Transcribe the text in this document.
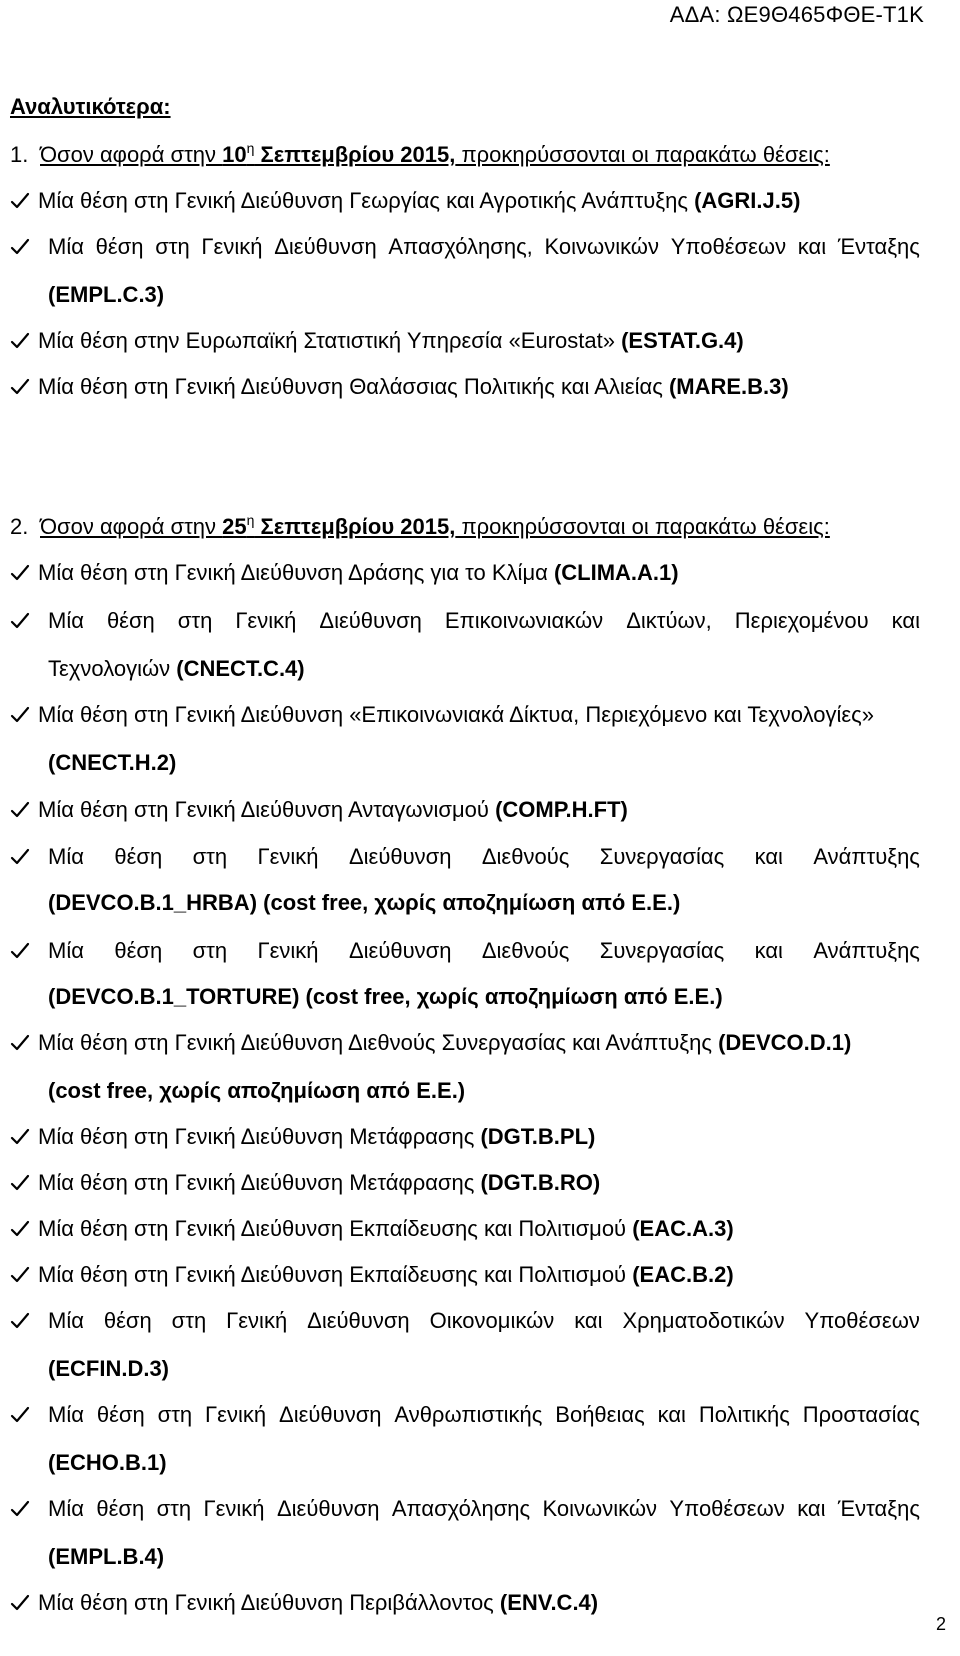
ΑΔΑ: ΩΕ9Θ465ΦΘΕ-Τ1Κ
Αναλυτικότερα:
1. Όσον αφορά στην $10^\eta$ Σεπτεμβρίου 2015, προκηρύσσονται οι παρακάτω θέσεις:
Μία θέση στη Γενική Διεύθυνση Γεωργίας και Αγροτικής Ανάπτυξης (AGRI.J.5)
Μία θέση στη Γενική Διεύθυνση Απασχόλησης, Κοινωνικών Υποθέσεων και Ένταξης
(EMPL.C.3)
Μία θέση στην Ευρωπαϊκή Στατιστική Υπηρεσία «Eurostat» (ESTAT.G.4)
Μία θέση στη Γενική Διεύθυνση Θαλάσσιας Πολιτικής και Αλιείας (MARE.B.3)
2. Όσον αφορά στην $25^\eta$ Σεπτεμβρίου 2015, προκηρύσσονται οι παρακάτω θέσεις:
Μία θέση στη Γενική Διεύθυνση Δράσης για το Κλίμα (CLIMA.A.1)
Μία θέση στη Γενική Διεύθυνση Επικοινωνιακών Δικτύων, Περιεχομένου και
Τεχνολογιών (CNECT.C.4)
Μία θέση στη Γενική Διεύθυνση «Επικοινωνιακά Δίκτυα, Περιεχόμενο και Τεχνολογίες»
(CNECT.H.2)
Μία θέση στη Γενική Διεύθυνση Ανταγωνισμού (COMP.H.FT)
Μία θέση στη Γενική Διεύθυνση Διεθνούς Συνεργασίας και Ανάπτυξης
(DEVCO.B.1_HRBA) (cost free, χωρίς αποζημίωση από Ε.Ε.)
Μία θέση στη Γενική Διεύθυνση Διεθνούς Συνεργασίας και Ανάπτυξης
(DEVCO.B.1_TORTURE) (cost free, χωρίς αποζημίωση από Ε.Ε.)
Μία θέση στη Γενική Διεύθυνση Διεθνούς Συνεργασίας και Ανάπτυξης (DEVCO.D.1)
(cost free, χωρίς αποζημίωση από Ε.Ε.)
Μία θέση στη Γενική Διεύθυνση Μετάφρασης (DGT.B.PL)
Μία θέση στη Γενική Διεύθυνση Μετάφρασης (DGT.B.RO)
Μία θέση στη Γενική Διεύθυνση Εκπαίδευσης και Πολιτισμού (EAC.A.3)
Μία θέση στη Γενική Διεύθυνση Εκπαίδευσης και Πολιτισμού (EAC.B.2)
Μία θέση στη Γενική Διεύθυνση Οικονομικών και Χρηματοδοτικών Υποθέσεων
(ECFIN.D.3)
Μία θέση στη Γενική Διεύθυνση Ανθρωπιστικής Βοήθειας και Πολιτικής Προστασίας
(ECHO.B.1)
Μία θέση στη Γενική Διεύθυνση Απασχόλησης Κοινωνικών Υποθέσεων και Ένταξης
(EMPL.B.4)
Μία θέση στη Γενική Διεύθυνση Περιβάλλοντος (ENV.C.4)
2
